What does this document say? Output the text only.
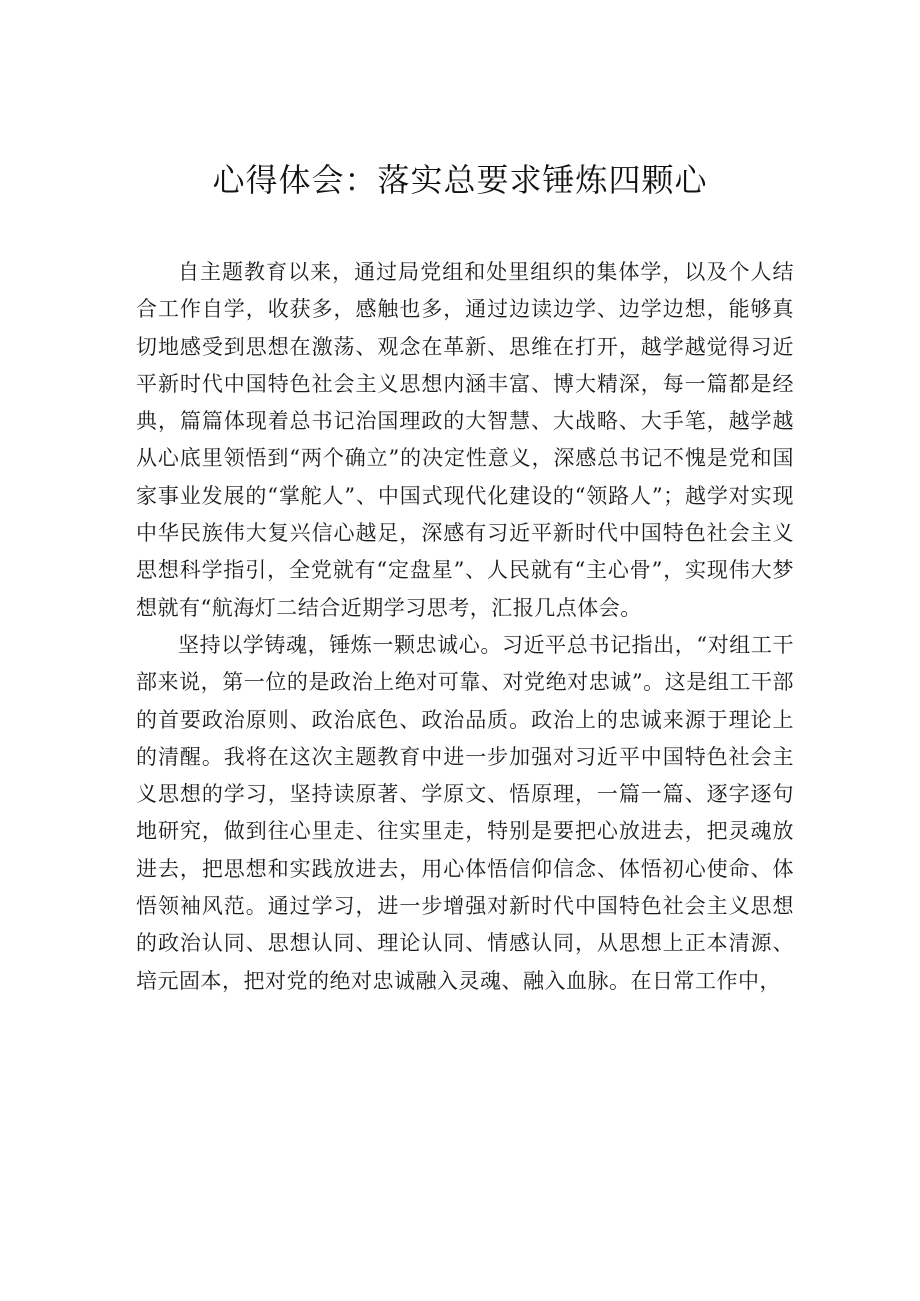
心得体会：落实总要求锤炼四颗心

自主题教育以来，通过局党组和处里组织的集体学，以及个人结合工作自学，收获多，感触也多，通过边读边学、边学边想，能够真切地感受到思想在激荡、观念在革新、思维在打开，越学越觉得习近平新时代中国特色社会主义思想内涵丰富、博大精深，每一篇都是经典，篇篇体现着总书记治国理政的大智慧、大战略、大手笔，越学越从心底里领悟到“两个确立”的决定性意义，深感总书记不愧是党和国家事业发展的“掌舵人”、中国式现代化建设的“领路人”；越学对实现中华民族伟大复兴信心越足，深感有习近平新时代中国特色社会主义思想科学指引，全党就有“定盘星”、人民就有“主心骨”，实现伟大梦想就有“航海灯二结合近期学习思考，汇报几点体会。

坚持以学铸魂，锤炼一颗忠诚心。习近平总书记指出，“对组工干部来说，第一位的是政治上绝对可靠、对党绝对忠诚”。这是组工干部的首要政治原则、政治底色、政治品质。政治上的忠诚来源于理论上的清醒。我将在这次主题教育中进一步加强对习近平中国特色社会主义思想的学习，坚持读原著、学原文、悟原理，一篇一篇、逐字逐句地研究，做到往心里走、往实里走，特别是要把心放进去，把灵魂放进去，把思想和实践放进去，用心体悟信仰信念、体悟初心使命、体悟领袖风范。通过学习，进一步增强对新时代中国特色社会主义思想的政治认同、思想认同、理论认同、情感认同，从思想上正本清源、培元固本，把对党的绝对忠诚融入灵魂、融入血脉。在日常工作中，
